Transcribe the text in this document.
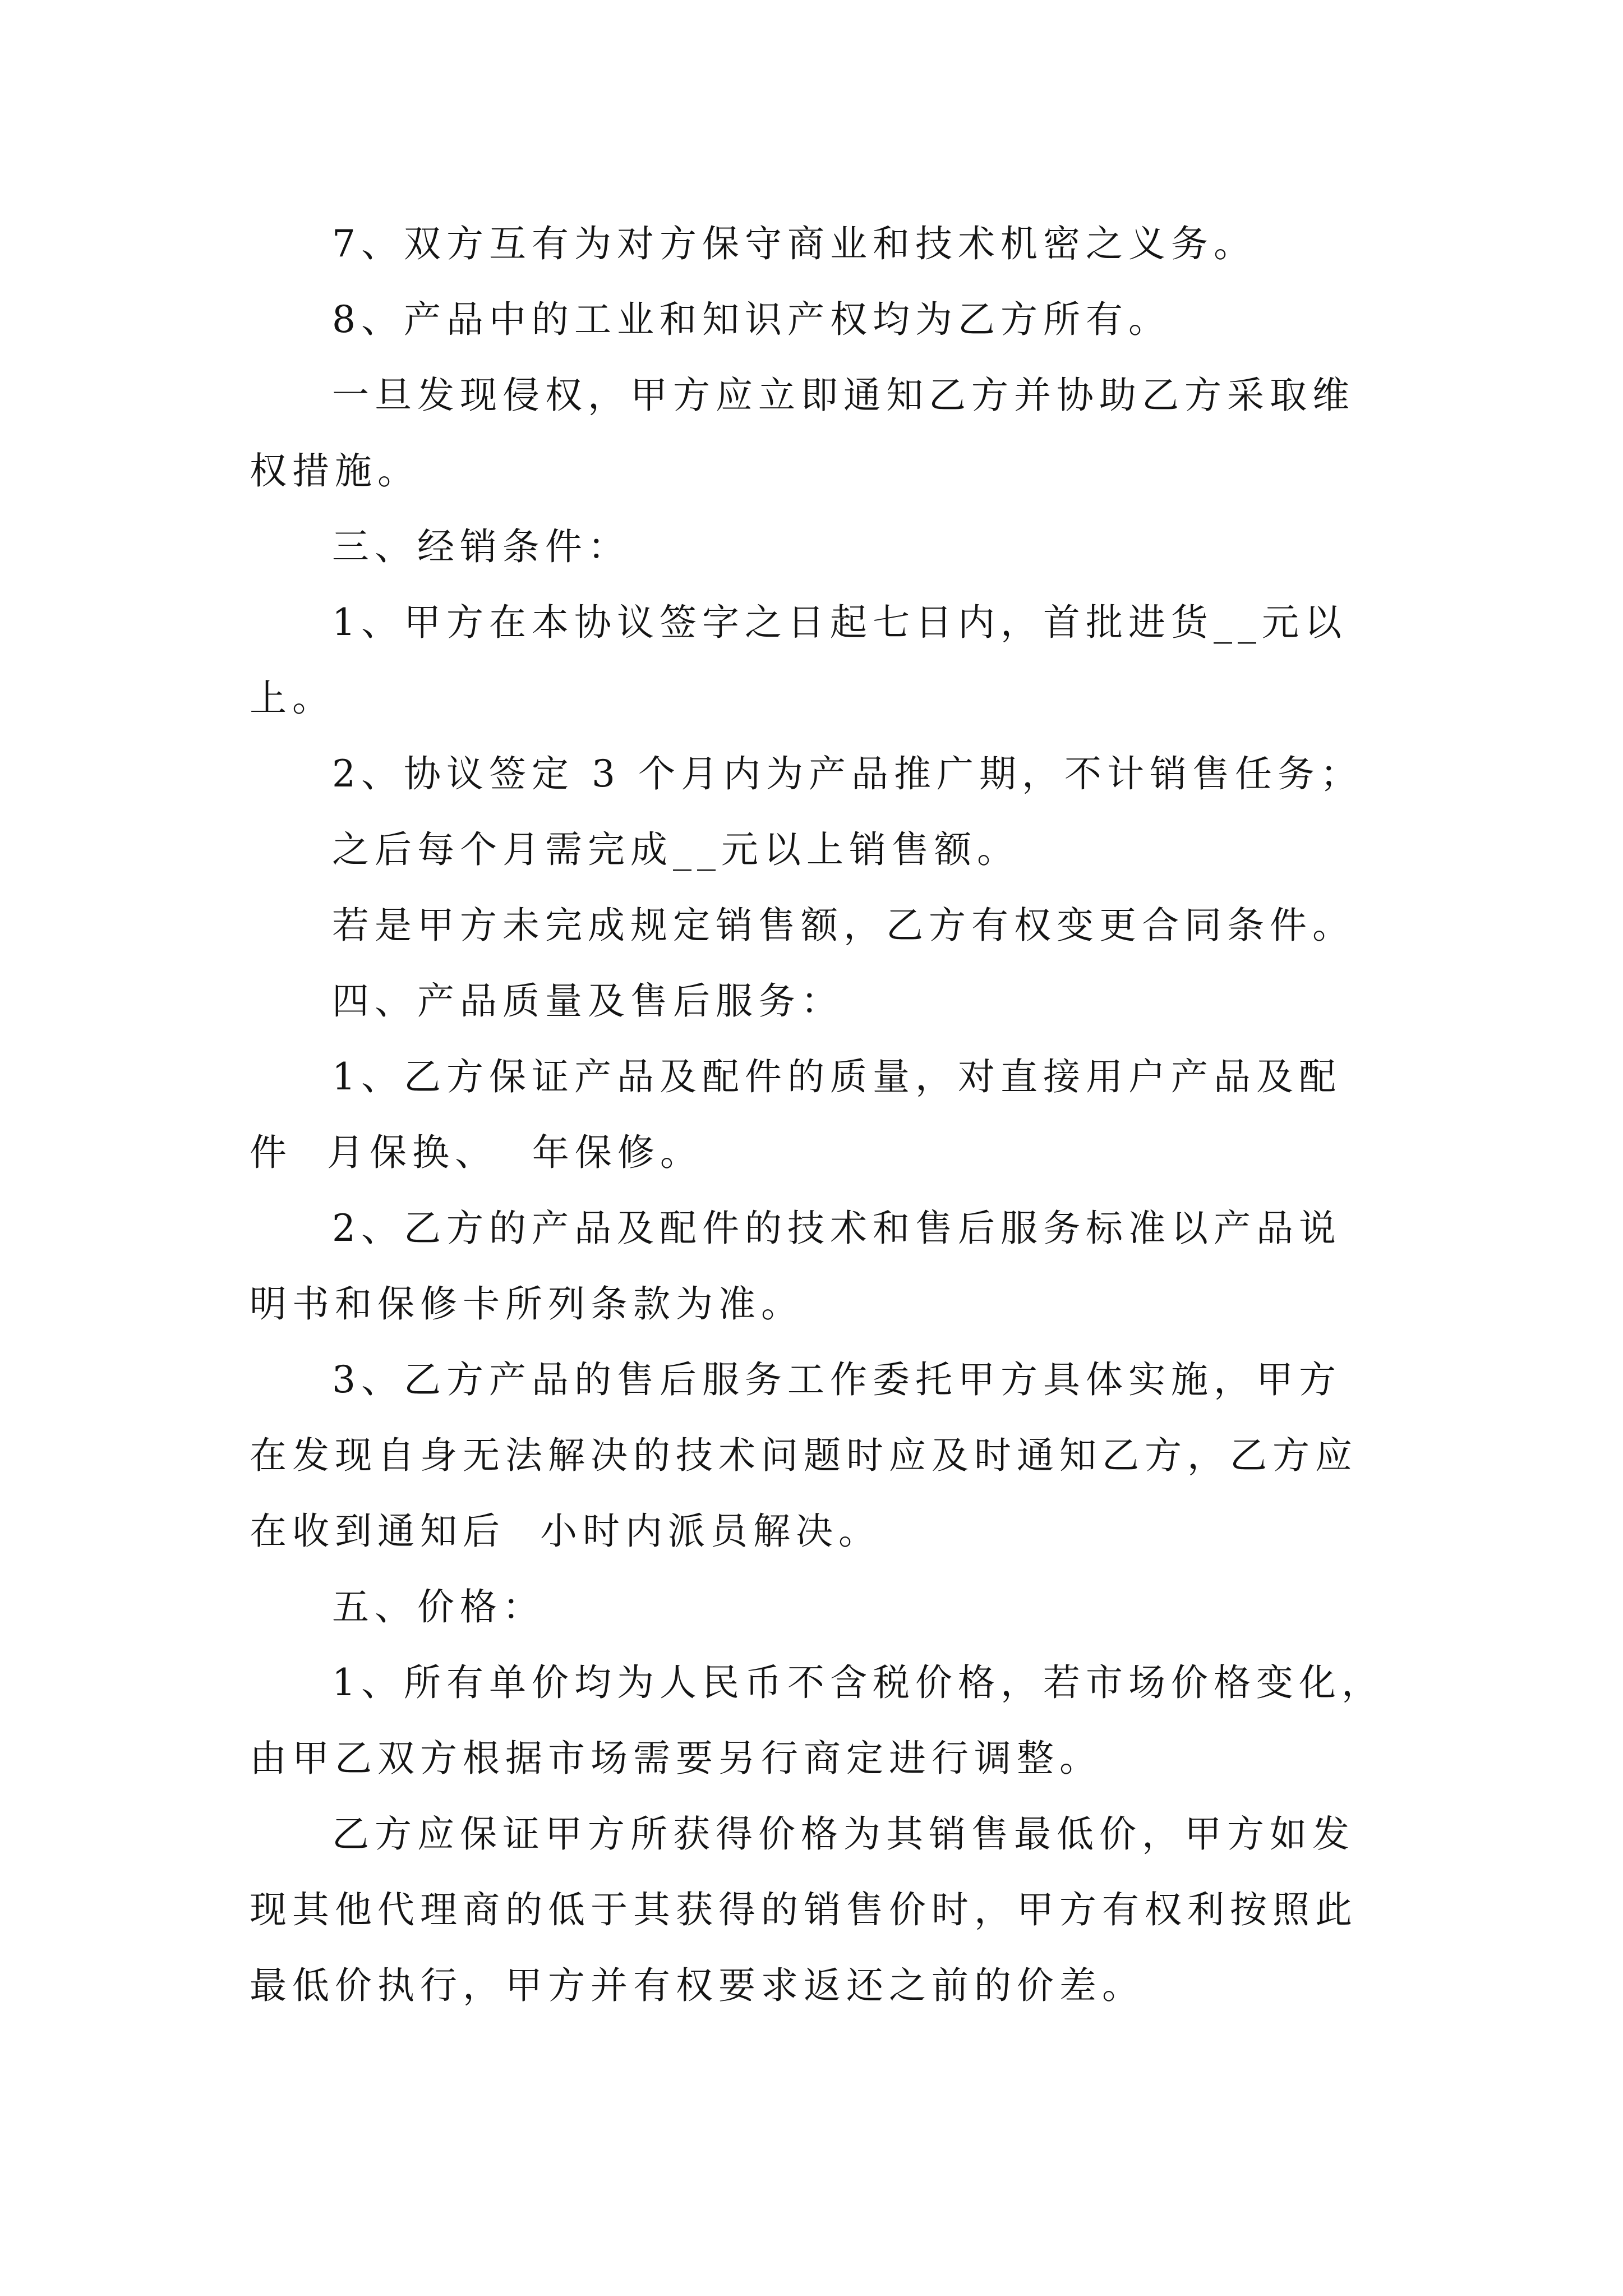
7、双方互有为对方保守商业和技术机密之义务。

8、产品中的工业和知识产权均为乙方所有。

一旦发现侵权，甲方应立即通知乙方并协助乙方采取维

权措施。

三、经销条件：

1、甲方在本协议签字之日起七日内，首批进货__元以

上。

2、协议签定 3 个月内为产品推广期，不计销售任务；

之后每个月需完成__元以上销售额。

若是甲方未完成规定销售额，乙方有权变更合同条件。

四、产品质量及售后服务：

1、乙方保证产品及配件的质量，对直接用户产品及配

件  月保换、  年保修。

2、乙方的产品及配件的技术和售后服务标准以产品说

明书和保修卡所列条款为准。

3、乙方产品的售后服务工作委托甲方具体实施，甲方

在发现自身无法解决的技术问题时应及时通知乙方，乙方应

在收到通知后  小时内派员解决。

五、价格：

1、所有单价均为人民币不含税价格，若市场价格变化，

由甲乙双方根据市场需要另行商定进行调整。

乙方应保证甲方所获得价格为其销售最低价，甲方如发

现其他代理商的低于其获得的销售价时，甲方有权利按照此

最低价执行，甲方并有权要求返还之前的价差。
